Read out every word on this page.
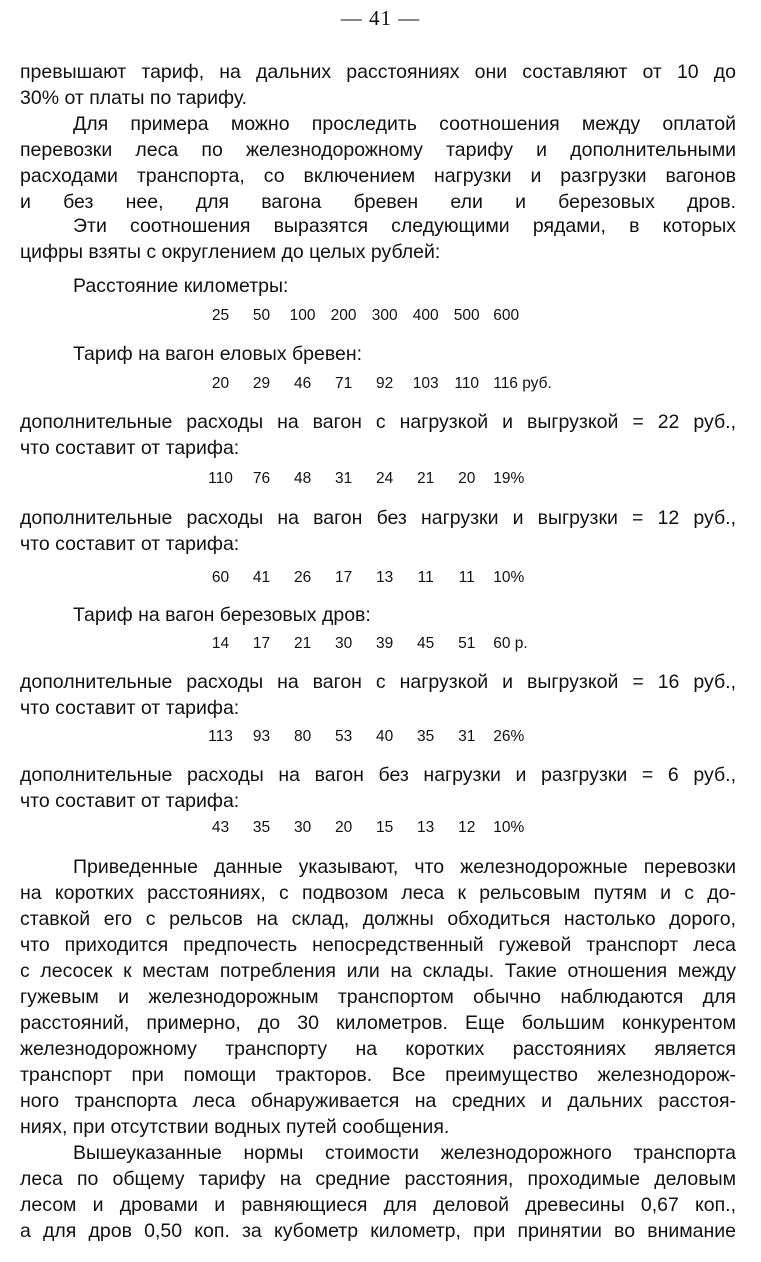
— 41 —
превышают тариф, на дальних расстояниях они составляют от 10 до
30% от платы по тарифу.
Для примера можно проследить соотношения между оплатой
перевозки леса по железнодорожному тарифу и дополнительными
расходами транспорта, со включением нагрузки и разгрузки вагонов
и без нее, для вагона бревен ели и березовых дров.
Эти соотношения выразятся следующими рядами, в которых
цифры взяты с округлением до целых рублей:
Расстояние километры:
25	50	100 200 300 400 500 600
Тариф на вагон еловых бревен:
20	29	46	71	92	103	110 116 руб.
дополнительные расходы на вагон с нагрузкой и выгрузкой = 22 руб.,
что составит от тарифа:
110	76	48	31	24	21	20	19%
дополнительные расходы на вагон без нагрузки и выгрузки = 12 руб.,
что составит от тарифа:
60	41	26	17	13	11	11	10%
Тариф на вагон березовых дров:
14	17	21	30	39	45	51	60 р.
дополнительные расходы на вагон с нагрузкой и выгрузкой = 16 руб.,
что составит от тарифа:
113	93	80	53	40	35	31	26%
дополнительные расходы на вагон без нагрузки и разгрузки = 6 руб.,
что составит от тарифа:
43	35	30	20	15	13	12	10%
Приведенные данные указывают, что железнодорожные перевозки
на коротких расстояниях, с подвозом леса к рельсовым путям и с до-
ставкой его с рельсов на склад, должны обходиться настолько дорого,
что приходится предпочесть непосредственный гужевой транспорт леса
с лесосек к местам потребления или на склады. Такие отношения между
гужевым и железнодорожным транспортом обычно наблюдаются для
расстояний, примерно, до 30 километров. Еще большим конкурентом
железнодорожному транспорту на коротких расстояниях является
транспорт при помощи тракторов. Все преимущество железнодорож-
ного транспорта леса обнаруживается на средних и дальних расстоя-
ниях, при отсутствии водных путей сообщения.
Вышеуказанные нормы стоимости железнодорожного транспорта
леса по общему тарифу на средние расстояния, проходимые деловым
лесом и дровами и равняющиеся для деловой древесины 0,67 коп.,
а для дров 0,50 коп. за кубометр километр, при принятии во внимание
